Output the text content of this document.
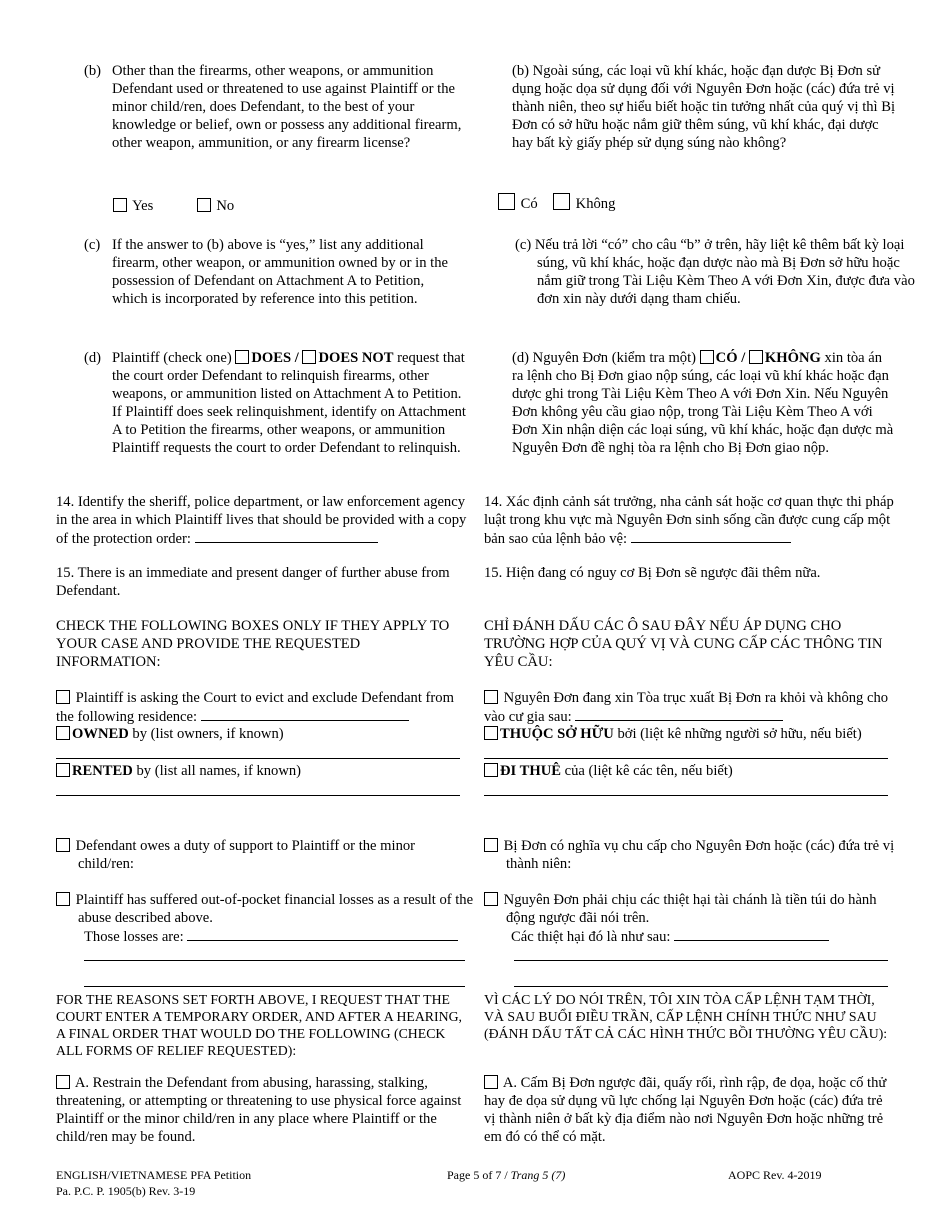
(b) Other than the firearms, other weapons, or ammunition Defendant used or threatened to use against Plaintiff or the minor child/ren, does Defendant, to the best of your knowledge or belief, own or possess any additional firearm, other weapon, ammunition, or any firearm license?
Yes	No
(c) If the answer to (b) above is “yes,” list any additional firearm, other weapon, or ammunition owned by or in the possession of Defendant on Attachment A to Petition, which is incorporated by reference into this petition.
(d) Plaintiff (check one) DOES / DOES NOT request that the court order Defendant to relinquish firearms, other weapons, or ammunition listed on Attachment A to Petition. If Plaintiff does seek relinquishment, identify on Attachment A to Petition the firearms, other weapons, or ammunition Plaintiff requests the court to order Defendant to relinquish.
14. Identify the sheriff, police department, or law enforcement agency in the area in which Plaintiff lives that should be provided with a copy of the protection order:
15. There is an immediate and present danger of further abuse from Defendant.
CHECK THE FOLLOWING BOXES ONLY IF THEY APPLY TO YOUR CASE AND PROVIDE THE REQUESTED INFORMATION:
Plaintiff is asking the Court to evict and exclude Defendant from the following residence:
OWNED by (list owners, if known)
RENTED by (list all names, if known)
Defendant owes a duty of support to Plaintiff or the minor child/ren:
Plaintiff has suffered out-of-pocket financial losses as a result of the abuse described above.
Those losses are:
FOR THE REASONS SET FORTH ABOVE, I REQUEST THAT THE COURT ENTER A TEMPORARY ORDER, AND AFTER A HEARING, A FINAL ORDER THAT WOULD DO THE FOLLOWING (CHECK ALL FORMS OF RELIEF REQUESTED):
A. Restrain the Defendant from abusing, harassing, stalking, threatening, or attempting or threatening to use physical force against Plaintiff or the minor child/ren in any place where Plaintiff or the child/ren may be found.
(b) Ngoài súng, các loại vũ khí khác, hoặc đạn dược Bị Đơn sử dụng hoặc dọa sử dụng đối với Nguyên Đơn hoặc (các) đứa trẻ vị thành niên, theo sự hiểu biết hoặc tin tưởng nhất của quý vị thì Bị Đơn có sở hữu hoặc nắm giữ thêm súng, vũ khí khác, đại dược hay bất kỳ giấy phép sử dụng súng nào không?
Có	Không
(c) Nếu trả lời “có” cho câu “b” ở trên, hãy liệt kê thêm bất kỳ loại súng, vũ khí khác, hoặc đạn dược nào mà Bị Đơn sở hữu hoặc nắm giữ trong Tài Liệu Kèm Theo A với Đơn Xin, được đưa vào đơn xin này dưới dạng tham chiếu.
(d) Nguyên Đơn (kiểm tra một) CÓ / KHÔNG xin tòa án ra lệnh cho Bị Đơn giao nộp súng, các loại vũ khí khác hoặc đạn dược ghi trong Tài Liệu Kèm Theo A với Đơn Xin. Nếu Nguyên Đơn không yêu cầu giao nộp, trong Tài Liệu Kèm Theo A với Đơn Xin nhận diện các loại súng, vũ khí khác, hoặc đạn dược mà Nguyên Đơn đề nghị tòa ra lệnh cho Bị Đơn giao nộp.
14. Xác định cảnh sát trưởng, nha cảnh sát hoặc cơ quan thực thi pháp luật trong khu vực mà Nguyên Đơn sinh sống cần được cung cấp một bản sao của lệnh bảo vệ:
15. Hiện đang có nguy cơ Bị Đơn sẽ ngược đãi thêm nữa.
CHỈ ĐÁNH DẤU CÁC Ô SAU ĐÂY NẾU ÁP DỤNG CHO TRƯỜNG HỢP CỦA QUÝ VỊ VÀ CUNG CẤP CÁC THÔNG TIN YÊU CẦU:
Nguyên Đơn đang xin Tòa trục xuất Bị Đơn ra khỏi và không cho vào cư gia sau:
THUỘC SỞ HỮU bởi (liệt kê những người sở hữu, nếu biết)
ĐI THUÊ của (liệt kê các tên, nếu biết)
Bị Đơn có nghĩa vụ chu cấp cho Nguyên Đơn hoặc (các) đứa trẻ vị thành niên:
Nguyên Đơn phải chịu các thiệt hại tài chánh là tiền túi do hành động ngược đãi nói trên.
Các thiệt hại đó là như sau:
VÌ CÁC LÝ DO NÓI TRÊN, TÔI XIN TÒA CẤP LỆNH TẠM THỜI, VÀ SAU BUỔI ĐIỀU TRẦN, CẤP LỆNH CHÍNH THỨC NHƯ SAU (ĐÁNH DẤU TẤT CẢ CÁC HÌNH THỨC BỒI THƯỜNG YÊU CẦU):
A. Cấm Bị Đơn ngược đãi, quấy rối, rình rập, đe dọa, hoặc cố thử hay đe dọa sử dụng vũ lực chống lại Nguyên Đơn hoặc (các) đứa trẻ vị thành niên ở bất kỳ địa điểm nào nơi Nguyên Đơn hoặc những trẻ em đó có thể có mặt.
ENGLISH/VIETNAMESE PFA Petition
Pa. P.C. P. 1905(b) Rev. 3-19
Page 5 of 7 / Trang 5 (7)	AOPC Rev. 4-2019
